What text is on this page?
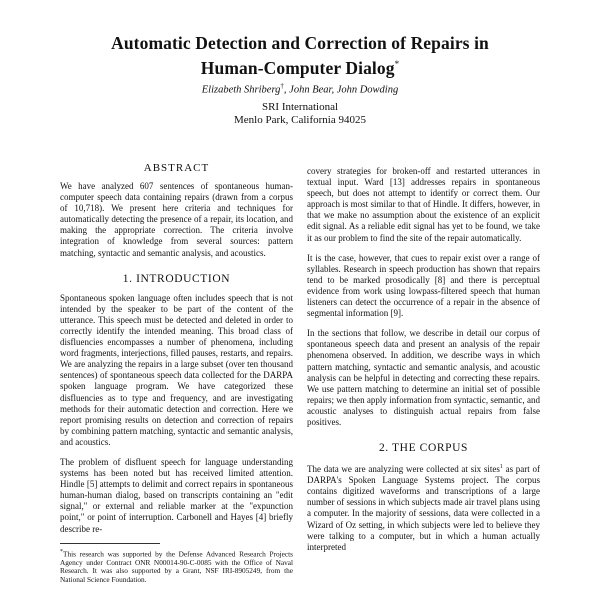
Automatic Detection and Correction of Repairs in
Human-Computer Dialog*
Elizabeth Shriberg†, John Bear, John Dowding
SRI International
Menlo Park, California 94025
ABSTRACT

We have analyzed 607 sentences of spontaneous human-computer speech data containing repairs (drawn from a corpus of 10,718). We present here criteria and techniques for automatically detecting the presence of a repair, its location, and making the appropriate correction. The criteria involve integration of knowledge from several sources: pattern matching, syntactic and semantic analysis, and acoustics.

1. INTRODUCTION

Spontaneous spoken language often includes speech that is not intended by the speaker to be part of the content of the utterance. This speech must be detected and deleted in order to correctly identify the intended meaning. This broad class of disfluencies encompasses a number of phenomena, including word fragments, interjections, filled pauses, restarts, and repairs. We are analyzing the repairs in a large subset (over ten thousand sentences) of spontaneous speech data collected for the DARPA spoken language program. We have categorized these disfluencies as to type and frequency, and are investigating methods for their automatic detection and correction. Here we report promising results on detection and correction of repairs by combining pattern matching, syntactic and semantic analysis, and acoustics.

The problem of disfluent speech for language understanding systems has been noted but has received limited attention. Hindle [5] attempts to delimit and correct repairs in spontaneous human-human dialog, based on transcripts containing an "edit signal," or external and reliable marker at the "expunction point," or point of interruption. Carbonell and Hayes [4] briefly describe re-

*This research was supported by the Defense Advanced Research Projects Agency under Contract ONR N00014-90-C-0085 with the Office of Naval Research. It was also supported by a Grant, NSF IRI-8905249, from the National Science Foundation.

covery strategies for broken-off and restarted utterances in textual input. Ward [13] addresses repairs in spontaneous speech, but does not attempt to identify or correct them. Our approach is most similar to that of Hindle. It differs, however, in that we make no assumption about the existence of an explicit edit signal. As a reliable edit signal has yet to be found, we take it as our problem to find the site of the repair automatically.

It is the case, however, that cues to repair exist over a range of syllables. Research in speech production has shown that repairs tend to be marked prosodically [8] and there is perceptual evidence from work using lowpass-filtered speech that human listeners can detect the occurrence of a repair in the absence of segmental information [9].

In the sections that follow, we describe in detail our corpus of spontaneous speech data and present an analysis of the repair phenomena observed. In addition, we describe ways in which pattern matching, syntactic and semantic analysis, and acoustic analysis can be helpful in detecting and correcting these repairs. We use pattern matching to determine an initial set of possible repairs; we then apply information from syntactic, semantic, and acoustic analyses to distinguish actual repairs from false positives.

2. THE CORPUS

The data we are analyzing were collected at six sites$^1$ as part of DARPA's Spoken Language Systems project. The corpus contains digitized waveforms and transcriptions of a large number of sessions in which subjects made air travel plans using a computer. In the majority of sessions, data were collected in a Wizard of Oz setting, in which subjects were led to believe they were talking to a computer, but in which a human actually interpreted
